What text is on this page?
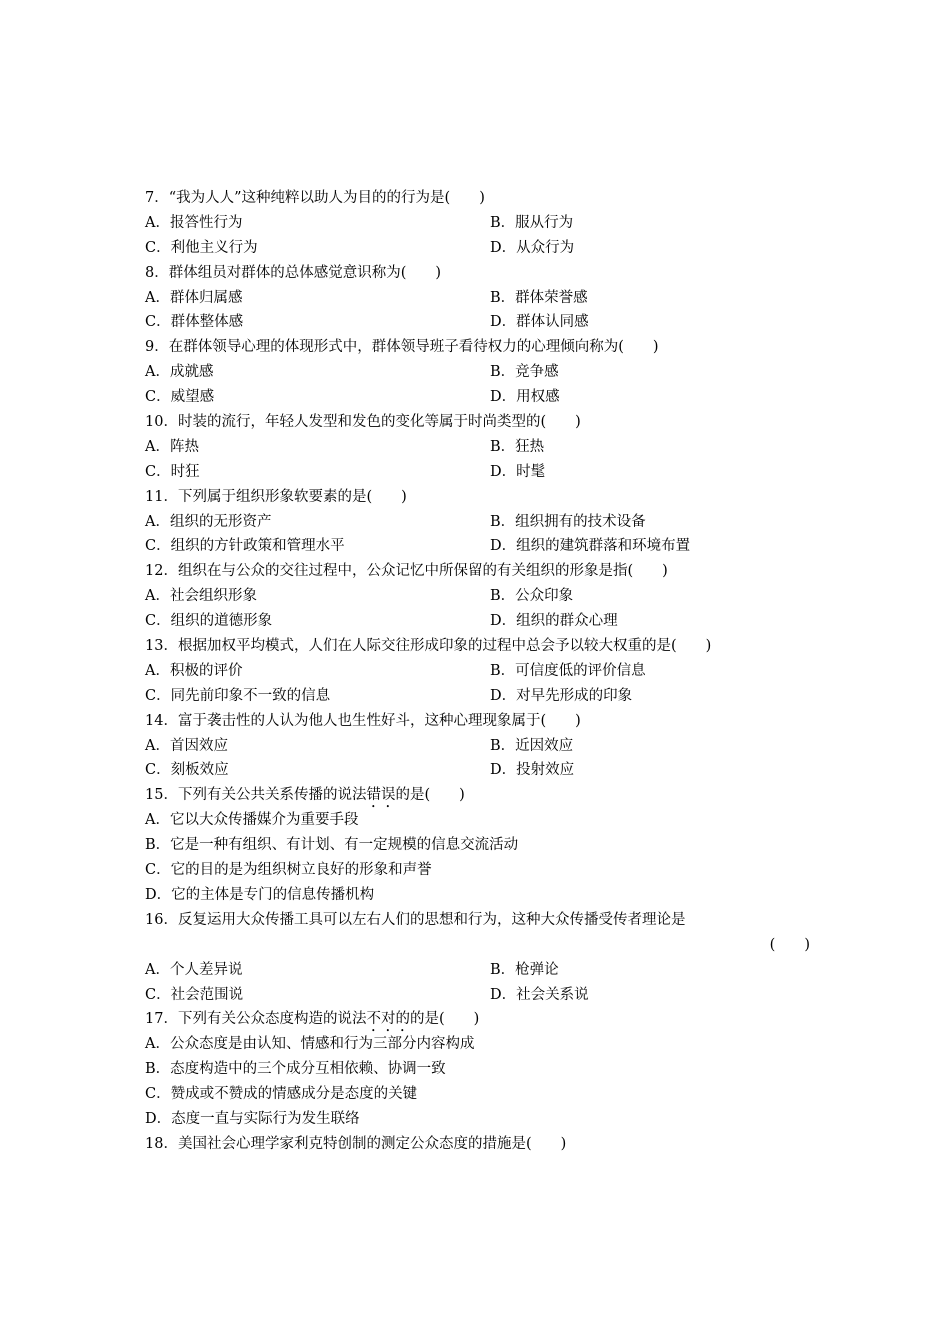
7．“我为人人”这种纯粹以助人为目的的行为是(　　)
A．报答性行为	B．服从行为
C．利他主义行为	D．从众行为
8．群体组员对群体的总体感觉意识称为(　　)
A．群体归属感	B．群体荣誉感
C．群体整体感	D．群体认同感
9．在群体领导心理的体现形式中，群体领导班子看待权力的心理倾向称为(　　)
A．成就感	B．竞争感
C．威望感	D．用权感
10．时装的流行，年轻人发型和发色的变化等属于时尚类型的(　　)
A．阵热	B．狂热
C．时狂	D．时髦
11．下列属于组织形象软要素的是(　　)
A．组织的无形资产	B．组织拥有的技术设备
C．组织的方针政策和管理水平	D．组织的建筑群落和环境布置
12．组织在与公众的交往过程中，公众记忆中所保留的有关组织的形象是指(　　)
A．社会组织形象	B．公众印象
C．组织的道德形象	D．组织的群众心理
13．根据加权平均模式，人们在人际交往形成印象的过程中总会予以较大权重的是(　　)
A．积极的评价	B．可信度低的评价信息
C．同先前印象不一致的信息	D．对早先形成的印象
14．富于袭击性的人认为他人也生性好斗，这种心理现象属于(　　)
A．首因效应	B．近因效应
C．刻板效应	D．投射效应
15．下列有关公共关系传播的说法错误的是(　　)
A．它以大众传播媒介为重要手段
B．它是一种有组织、有计划、有一定规模的信息交流活动
C．它的目的是为组织树立良好的形象和声誉
D．它的主体是专门的信息传播机构
16．反复运用大众传播工具可以左右人们的思想和行为，这种大众传播受传者理论是
(　　)
A．个人差异说	B．枪弹论
C．社会范围说	D．社会关系说
17．下列有关公众态度构造的说法不对的的是(　　)
A．公众态度是由认知、情感和行为三部分内容构成
B．态度构造中的三个成分互相依赖、协调一致
C．赞成或不赞成的情感成分是态度的关键
D．态度一直与实际行为发生联络
18．美国社会心理学家利克特创制的测定公众态度的措施是(　　)
